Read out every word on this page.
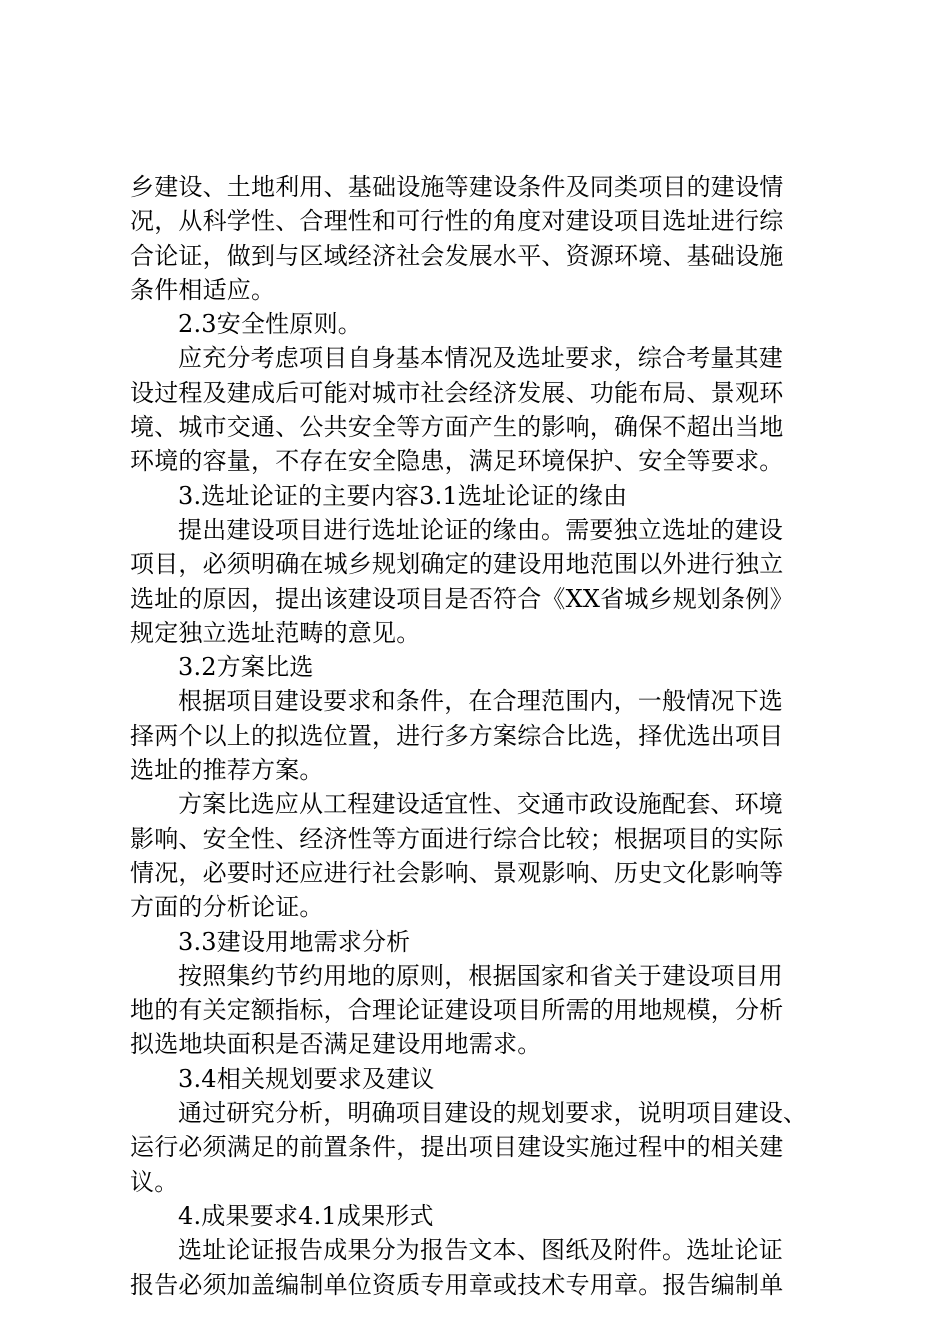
乡建设、土地利用、基础设施等建设条件及同类项目的建设情
况，从科学性、合理性和可行性的角度对建设项目选址进行综
合论证，做到与区域经济社会发展水平、资源环境、基础设施
条件相适应。
2.3安全性原则。
应充分考虑项目自身基本情况及选址要求，综合考量其建
设过程及建成后可能对城市社会经济发展、功能布局、景观环
境、城市交通、公共安全等方面产生的影响，确保不超出当地
环境的容量，不存在安全隐患，满足环境保护、安全等要求。
3.选址论证的主要内容3.1选址论证的缘由
提出建设项目进行选址论证的缘由。需要独立选址的建设
项目，必须明确在城乡规划确定的建设用地范围以外进行独立
选址的原因，提出该建设项目是否符合《XX省城乡规划条例》
规定独立选址范畴的意见。
3.2方案比选
根据项目建设要求和条件，在合理范围内，一般情况下选
择两个以上的拟选位置，进行多方案综合比选，择优选出项目
选址的推荐方案。
方案比选应从工程建设适宜性、交通市政设施配套、环境
影响、安全性、经济性等方面进行综合比较；根据项目的实际
情况，必要时还应进行社会影响、景观影响、历史文化影响等
方面的分析论证。
3.3建设用地需求分析
按照集约节约用地的原则，根据国家和省关于建设项目用
地的有关定额指标，合理论证建设项目所需的用地规模，分析
拟选地块面积是否满足建设用地需求。
3.4相关规划要求及建议
通过研究分析，明确项目建设的规划要求，说明项目建设、
运行必须满足的前置条件，提出项目建设实施过程中的相关建
议。
4.成果要求4.1成果形式
选址论证报告成果分为报告文本、图纸及附件。选址论证
报告必须加盖编制单位资质专用章或技术专用章。报告编制单
